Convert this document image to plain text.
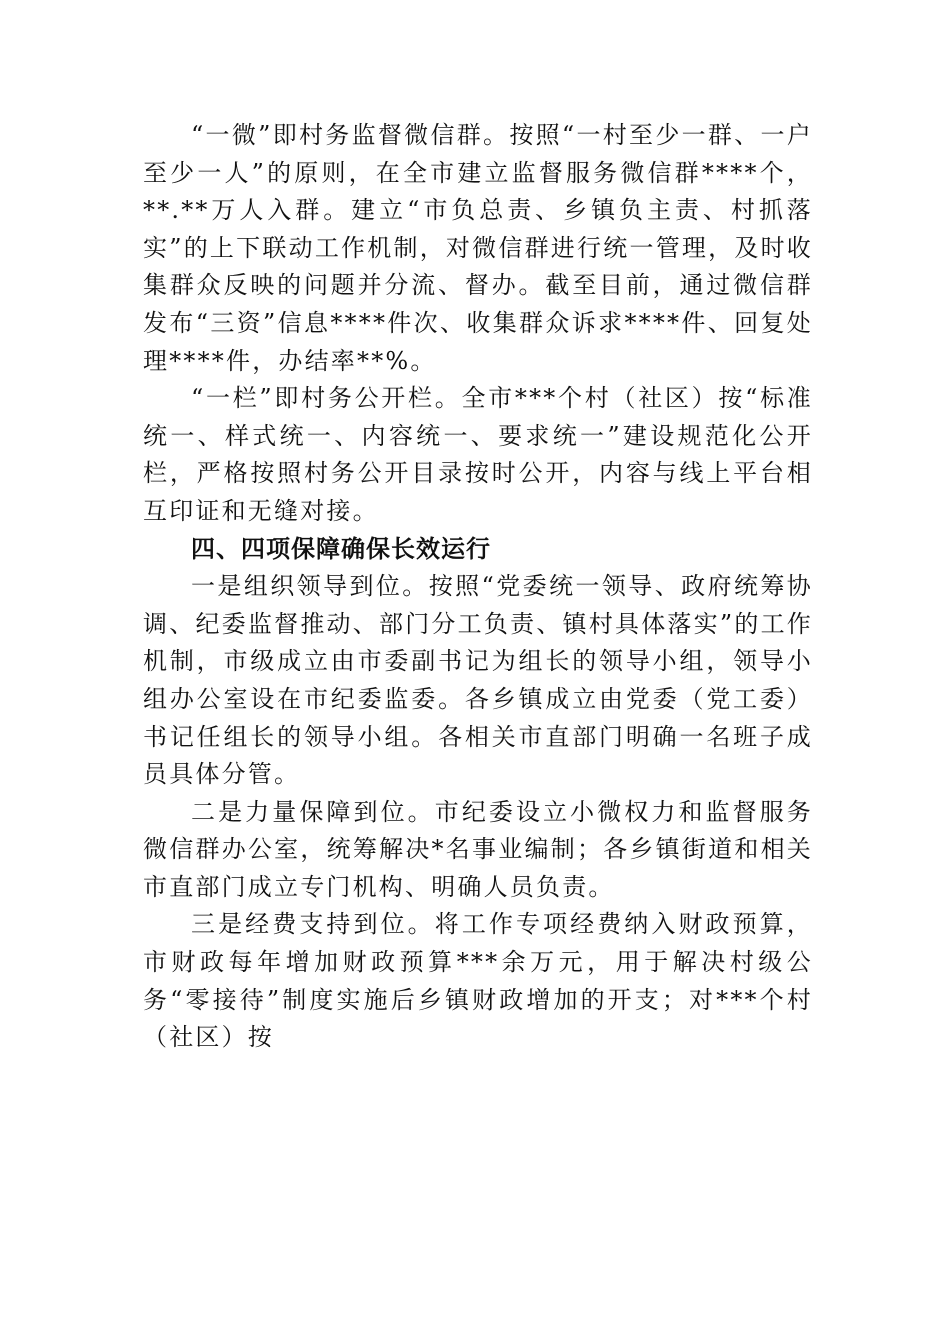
“一微”即村务监督微信群。按照“一村至少一群、一户至少一人”的原则，在全市建立监督服务微信群****个，**.**万人入群。建立“市负总责、乡镇负主责、村抓落实”的上下联动工作机制，对微信群进行统一管理，及时收集群众反映的问题并分流、督办。截至目前，通过微信群发布“三资”信息****件次、收集群众诉求****件、回复处理****件，办结率**%。

“一栏”即村务公开栏。全市***个村（社区）按“标准统一、样式统一、内容统一、要求统一”建设规范化公开栏，严格按照村务公开目录按时公开，内容与线上平台相互印证和无缝对接。

四、四项保障确保长效运行

一是组织领导到位。按照“党委统一领导、政府统筹协调、纪委监督推动、部门分工负责、镇村具体落实”的工作机制，市级成立由市委副书记为组长的领导小组，领导小组办公室设在市纪委监委。各乡镇成立由党委（党工委）书记任组长的领导小组。各相关市直部门明确一名班子成员具体分管。

二是力量保障到位。市纪委设立小微权力和监督服务微信群办公室，统筹解决*名事业编制；各乡镇街道和相关市直部门成立专门机构、明确人员负责。

三是经费支持到位。将工作专项经费纳入财政预算，市财政每年增加财政预算***余万元，用于解决村级公务“零接待”制度实施后乡镇财政增加的开支；对***个村（社区）按
